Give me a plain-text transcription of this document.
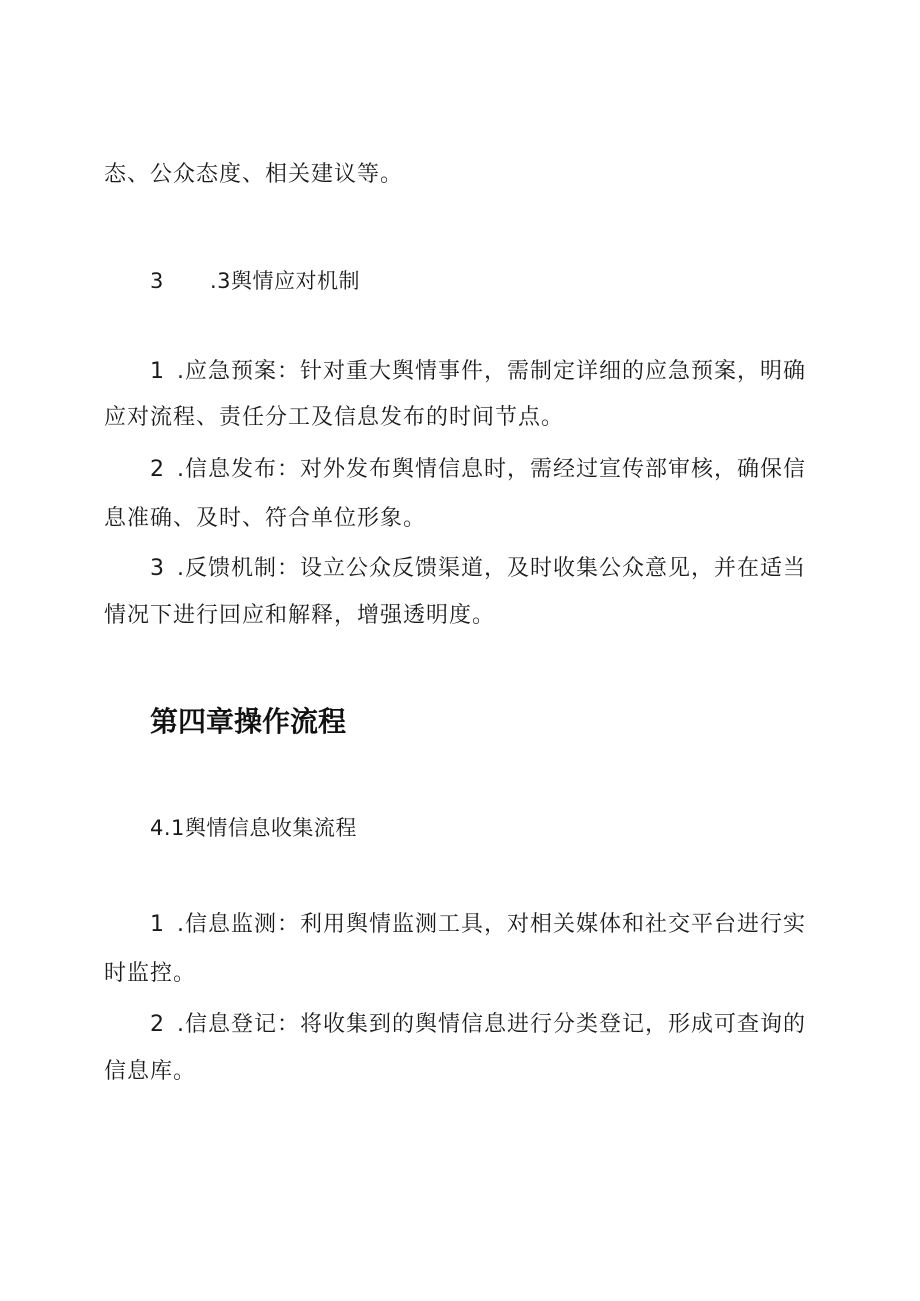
态、公众态度、相关建议等。
3 .3舆情应对机制
1 .应急预案：针对重大舆情事件，需制定详细的应急预案，明确
应对流程、责任分工及信息发布的时间节点。
2 .信息发布：对外发布舆情信息时，需经过宣传部审核，确保信
息准确、及时、符合单位形象。
3 .反馈机制：设立公众反馈渠道，及时收集公众意见，并在适当
情况下进行回应和解释，增强透明度。
第四章操作流程
4.1舆情信息收集流程
1 .信息监测：利用舆情监测工具，对相关媒体和社交平台进行实
时监控。
2 .信息登记：将收集到的舆情信息进行分类登记，形成可查询的
信息库。
